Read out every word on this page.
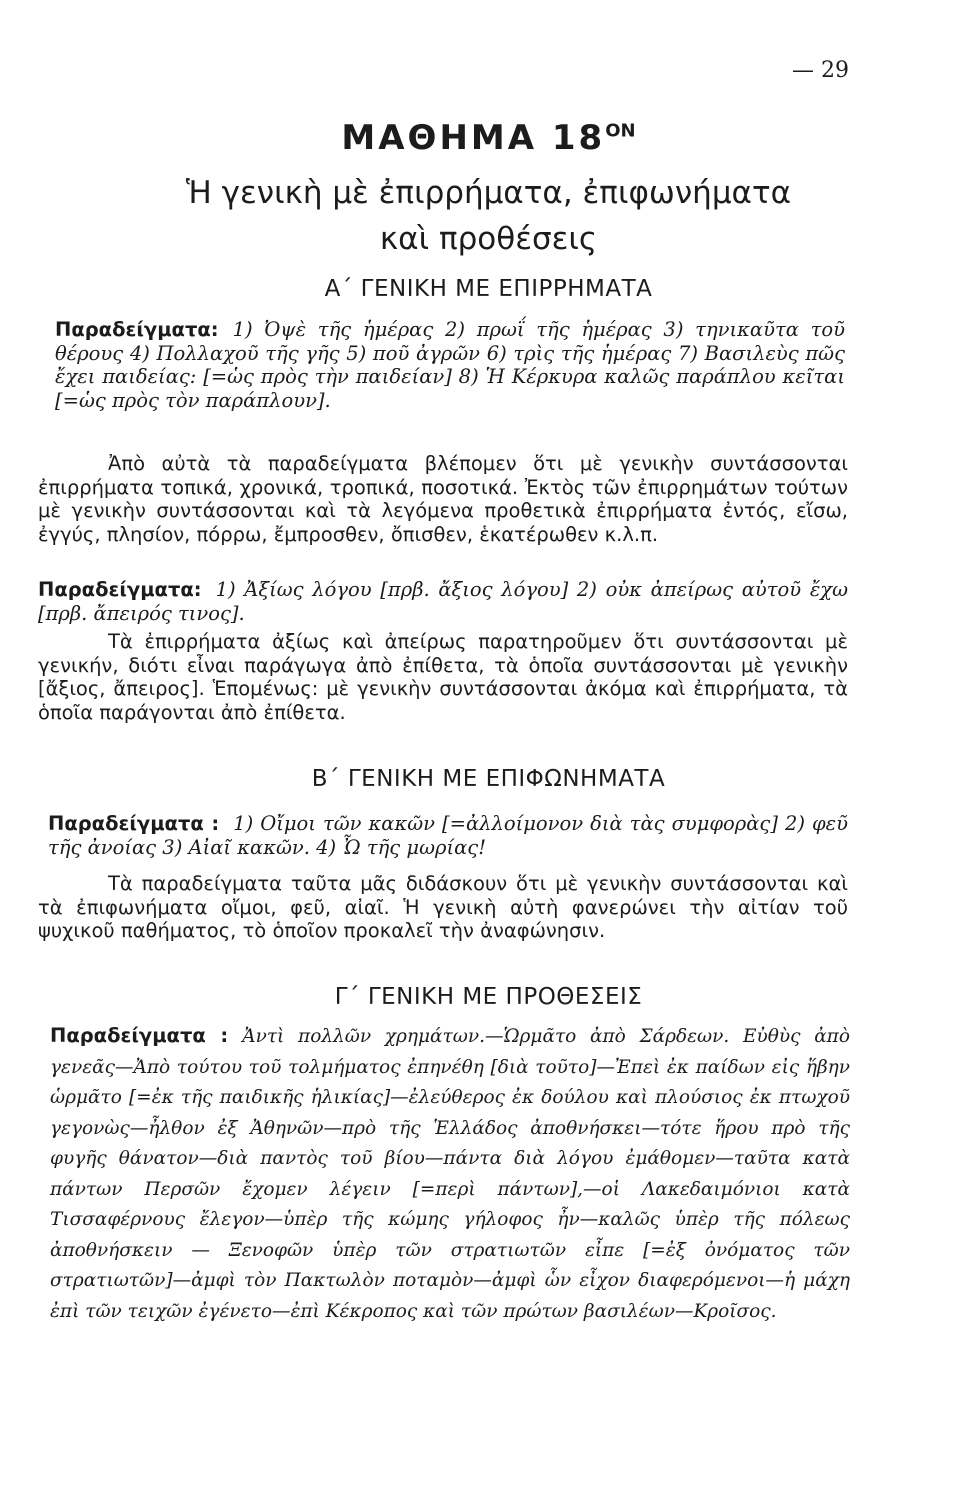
— 29
ΜΑΘΗΜΑ $18^{ON}$
Ἡ γενικὴ μὲ ἐπιρρήματα, ἐπιφωνήματα
καὶ προθέσεις
Α΄ ΓΕΝΙΚΗ ΜΕ ΕΠΙΡΡΗΜΑΤΑ

Παραδείγματα: 1) Ὀψὲ τῆς ἡμέρας 2) πρωΐ τῆς ἡμέρας 3) τηνικαῦτα τοῦ θέρους 4) Πολλαχοῦ τῆς γῆς 5) ποῦ ἀγρῶν 6) τρὶς τῆς ἡμέρας 7) Βασιλεὺς πῶς ἔχει παιδείας: [=ὡς πρὸς τὴν παιδείαν] 8) Ἡ Κέρκυρα καλῶς παράπλου κεῖται [=ὡς πρὸς τὸν παράπλουν].

Ἀπὸ αὐτὰ τὰ παραδείγματα βλέπομεν ὅτι μὲ γενικὴν συντάσσονται ἐπιρρήματα τοπικά, χρονικά, τροπικά, ποσοτικά. Ἐκτὸς τῶν ἐπιρρημάτων τούτων μὲ γενικὴν συντάσσονται καὶ τὰ λεγόμενα προθετικὰ ἐπιρρήματα ἐντός, εἴσω, ἐγγύς, πλησίον, πόρρω, ἔμπροσθεν, ὄπισθεν, ἑκατέρωθεν κ.λ.π.

Παραδείγματα: 1) Ἀξίως λόγου [πρβ. ἄξιος λόγου] 2) οὐκ ἀπείρως αὐτοῦ ἔχω [πρβ. ἄπειρός τινος].

Τὰ ἐπιρρήματα ἀξίως καὶ ἀπείρως παρατηροῦμεν ὅτι συντάσσονται μὲ γενικήν, διότι εἶναι παράγωγα ἀπὸ ἐπίθετα, τὰ ὁποῖα συντάσσονται μὲ γενικὴν [ἄξιος, ἄπειρος]. Ἑπομένως: μὲ γενικὴν συντάσσονται ἀκόμα καὶ ἐπιρρήματα, τὰ ὁποῖα παράγονται ἀπὸ ἐπίθετα.

Β΄ ΓΕΝΙΚΗ ΜΕ ΕΠΙΦΩΝΗΜΑΤΑ

Παραδείγματα : 1) Οἴμοι τῶν κακῶν [=ἀλλοίμονον διὰ τὰς συμφορὰς] 2) φεῦ τῆς ἀνοίας 3) Αἰαῖ κακῶν. 4) Ὦ τῆς μωρίας!

Τὰ παραδείγματα ταῦτα μᾶς διδάσκουν ὅτι μὲ γενικὴν συντάσσονται καὶ τὰ ἐπιφωνήματα οἴμοι, φεῦ, αἰαῖ. Ἡ γενικὴ αὐτὴ φανερώνει τὴν αἰτίαν τοῦ ψυχικοῦ παθήματος, τὸ ὁποῖον προκαλεῖ τὴν ἀναφώνησιν.

Γ΄ ΓΕΝΙΚΗ ΜΕ ΠΡΟΘΕΣΕΙΣ

Παραδείγματα : Ἀντὶ πολλῶν χρημάτων.—Ὡρμᾶτο ἀπὸ Σάρδεων. Εὐθὺς ἀπὸ γενεᾶς—Ἀπὸ τούτου τοῦ τολμήματος ἐπηνέθη [διὰ τοῦτο]—Ἐπεὶ ἐκ παίδων εἰς ἥβην ὡρμᾶτο [=ἐκ τῆς παιδικῆς ἡλικίας]—ἐλεύθερος ἐκ δούλου καὶ πλούσιος ἐκ πτωχοῦ γεγονὼς—ἦλθον ἐξ Ἀθηνῶν—πρὸ τῆς Ἑλλάδος ἀποθνήσκει—τότε ἥρου πρὸ τῆς φυγῆς θάνατον—διὰ παντὸς τοῦ βίου—πάντα διὰ λόγου ἐμάθομεν—ταῦτα κατὰ πάντων Περσῶν ἔχομεν λέγειν [=περὶ πάντων],—οἱ Λακεδαιμόνιοι κατὰ Τισσαφέρνους ἔλεγον—ὑπὲρ τῆς κώμης γήλοφος ἦν—καλῶς ὑπὲρ τῆς πόλεως ἀποθνήσκειν — Ξενοφῶν ὑπὲρ τῶν στρατιωτῶν εἶπε [=ἐξ ὀνόματος τῶν στρατιωτῶν]—ἀμφὶ τὸν Πακτωλὸν ποταμὸν—ἀμφὶ ὧν εἶχον διαφερόμενοι—ἡ μάχη ἐπὶ τῶν τειχῶν ἐγένετο—ἐπὶ Κέκροπος καὶ τῶν πρώτων βασιλέων—Κροῖσος.
